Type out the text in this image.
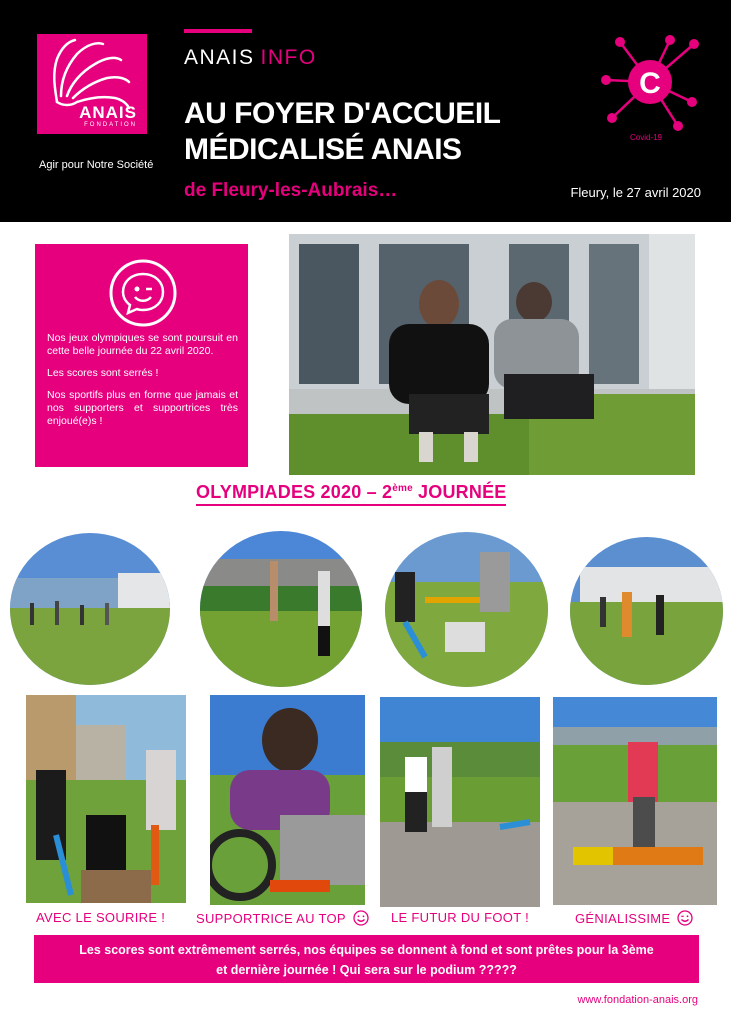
ANAIS
FONDATION
Agir pour Notre Société
ANAIS INFO
AU FOYER D'ACCUEIL
MÉDICALISÉ ANAIS
de Fleury-les-Aubrais…	Fleury, le 27 avril 2020
C
Covid-19

Nos jeux olympiques se sont poursuit en cette belle journée du 22 avril 2020.

Les scores sont serrés !

Nos sportifs plus en forme que jamais et nos supporters et supportrices très enjoué(e)s !

OLYMPIADES 2020 – 2ème JOURNÉE
AVEC LE SOURIRE ! SUPPORTRICE AU TOP	LE FUTUR DU FOOT !	GÉNIALISSIME
Les scores sont extrêmement serrés, nos équipes se donnent à fond et sont prêtes pour la 3ème
et dernière journée ! Qui sera sur le podium ?????
www.fondation-anais.org
